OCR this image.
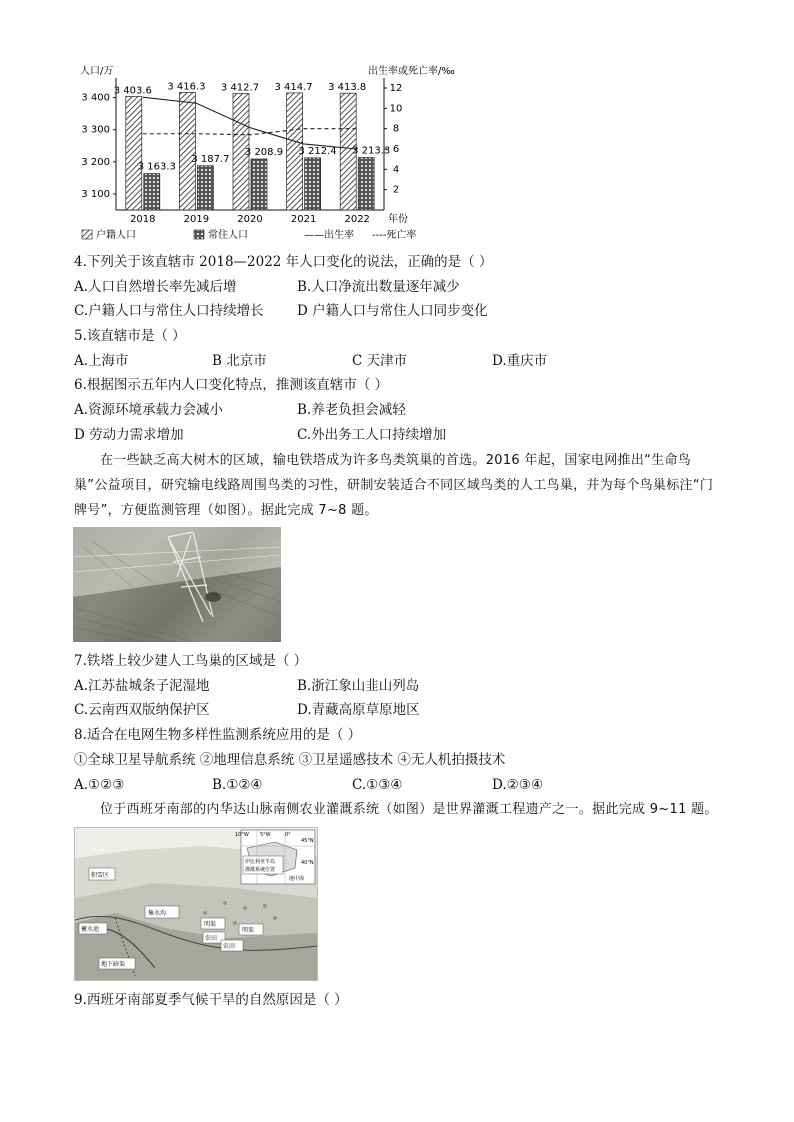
人口/万	出生率或死亡率/‰
3 400
3 300
3 200
3 100
12
10
8
6
4
2
2018	2019	2020	2021	2022 年份
3 403.6
3 163.3
3 416.3
3 187.7
3 412.7
3 208.9
3 414.7
3 212.4
3 413.8
3 213.3
户籍人口	常住人口	——出生率 ----死亡率
4.下列关于该直辖市 2018—2022 年人口变化的说法，正确的是（ ）
A.人口自然增长率先减后增	B.人口净流出数量逐年减少
C.户籍人口与常住人口持续增长 D 户籍人口与常住人口同步变化
5.该直辖市是（ ）
A.上海市	B 北京市	C 天津市	D.重庆市
6.根据图示五年内人口变化特点，推测该直辖市（ ）
A.资源环境承载力会减小	B.养老负担会减轻
D 劳动力需求增加	C.外出务工人口持续增加
在一些缺乏高大树木的区域，输电铁塔成为许多鸟类筑巢的首选。2016 年起，国家电网推出“生命鸟巢”公益项目，研究输电线路周围鸟类的习性，研制安装适合不同区域鸟类的人工鸟巢，并为每个鸟巢标注“门牌号”，方便监测管理（如图）。据此完成 7~8 题。
7.铁塔上较少建人工鸟巢的区域是（ ）
A.江苏盐城条子泥湿地	B.浙江象山韭山列岛
C.云南西双版纳保护区	D.青藏高原草原地区
8.适合在电网生物多样性监测系统应用的是（ ）
①全球卫星导航系统 ②地理信息系统 ③卫星遥感技术 ④无人机拍摄技术
A.①②③	B.①②④	C.①③④	D.②③④
位于西班牙南部的内华达山脉南侧农业灌溉系统（如图）是世界灌溉工程遗产之一。据此完成 9~11 题。
10°W 5°W	0°
45°N
40°N
伊比利亚半岛
灌溉系统位置
地中海
积雪区
集水沟
明渠
明渠
农田
农田
蓄水池
地下暗渠
9.西班牙南部夏季气候干旱的自然原因是（ ）
